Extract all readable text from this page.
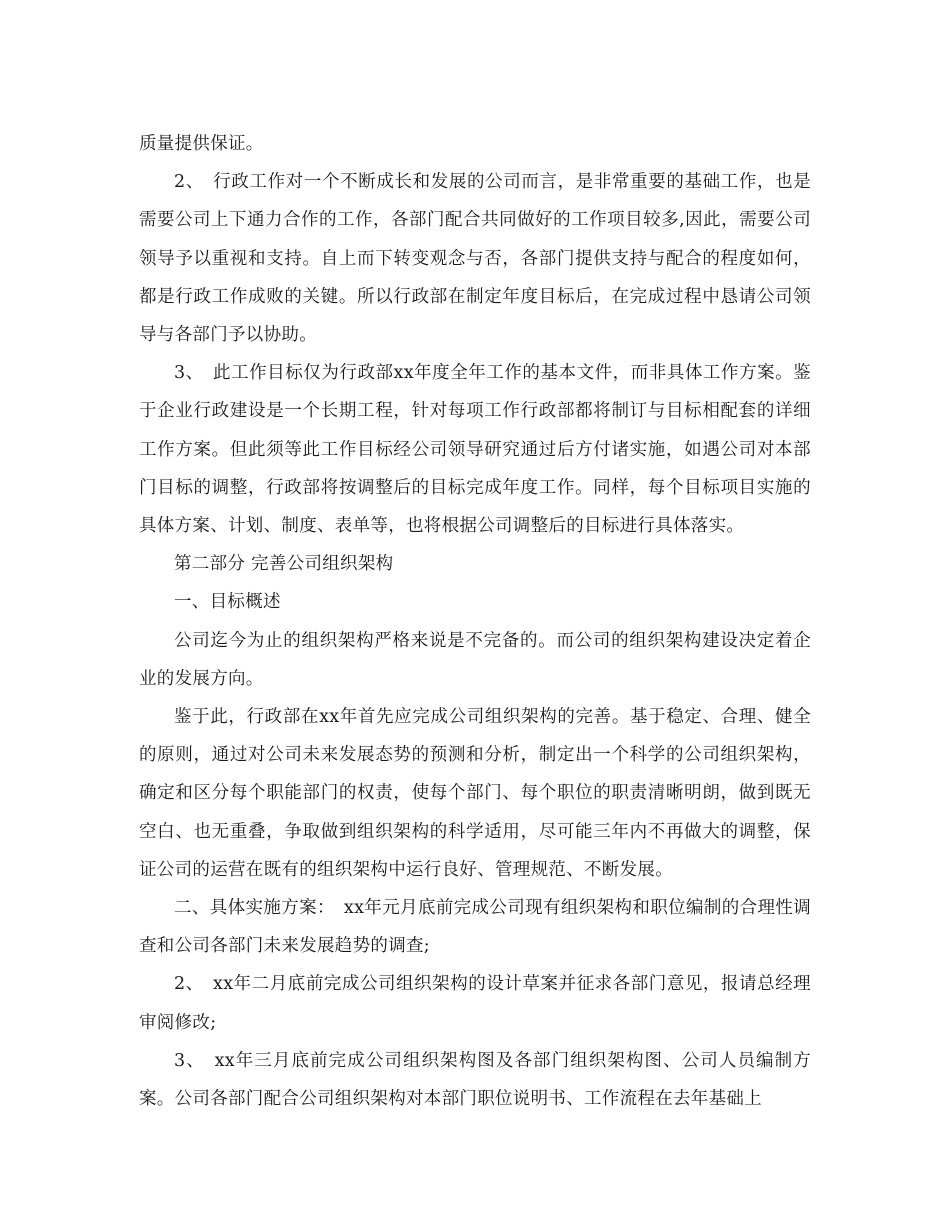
质量提供保证。

2、　行政工作对一个不断成长和发展的公司而言，是非常重要的基础工作，也是需要公司上下通力合作的工作，各部门配合共同做好的工作项目较多,因此，需要公司领导予以重视和支持。自上而下转变观念与否，各部门提供支持与配合的程度如何，都是行政工作成败的关键。所以行政部在制定年度目标后，在完成过程中恳请公司领导与各部门予以协助。

3、　此工作目标仅为行政部xx年度全年工作的基本文件，而非具体工作方案。鉴于企业行政建设是一个长期工程，针对每项工作行政部都将制订与目标相配套的详细工作方案。但此须等此工作目标经公司领导研究通过后方付诸实施，如遇公司对本部门目标的调整，行政部将按调整后的目标完成年度工作。同样，每个目标项目实施的具体方案、计划、制度、表单等，也将根据公司调整后的目标进行具体落实。

第二部分 完善公司组织架构

一、目标概述

公司迄今为止的组织架构严格来说是不完备的。而公司的组织架构建设决定着企业的发展方向。

鉴于此，行政部在xx年首先应完成公司组织架构的完善。基于稳定、合理、健全的原则，通过对公司未来发展态势的预测和分析，制定出一个科学的公司组织架构，确定和区分每个职能部门的权责，使每个部门、每个职位的职责清晰明朗，做到既无空白、也无重叠，争取做到组织架构的科学适用，尽可能三年内不再做大的调整，保证公司的运营在既有的组织架构中运行良好、管理规范、不断发展。

二、具体实施方案：　xx年元月底前完成公司现有组织架构和职位编制的合理性调查和公司各部门未来发展趋势的调查;

2、　xx年二月底前完成公司组织架构的设计草案并征求各部门意见，报请总经理审阅修改;

3、　xx年三月底前完成公司组织架构图及各部门组织架构图、公司人员编制方案。公司各部门配合公司组织架构对本部门职位说明书、工作流程在去年基础上
